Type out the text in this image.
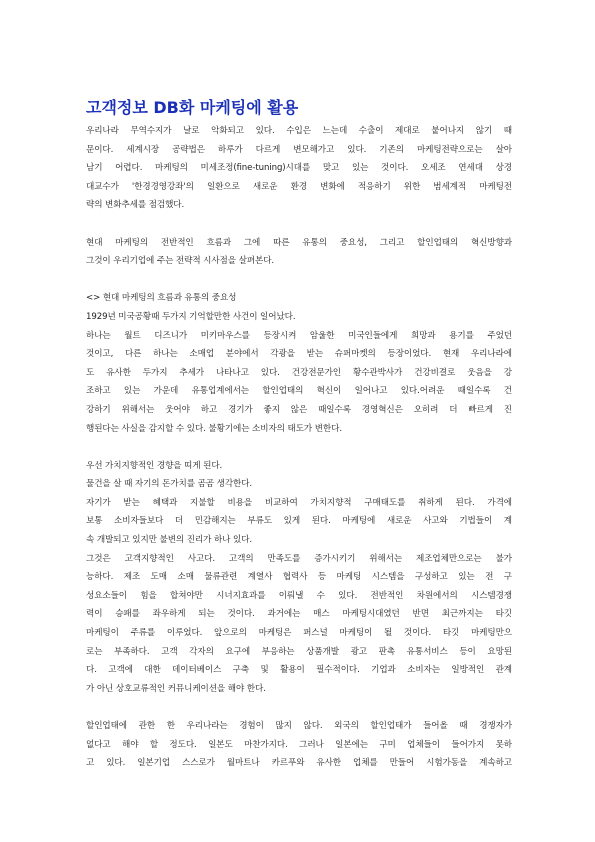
고객정보 DB화 마케팅에 활용
우리나라 무역수지가 날로 악화되고 있다. 수입은 느는데 수출이 제대로 붙어나지 않기 때
문이다. 세계시장 공략법은 하루가 다르게 변모해가고 있다. 기존의 마케팅전략으로는 살아
남기 어렵다. 마케팅의 미세조정(fine-tuning)시대를 맞고 있는 것이다. 오세조 연세대 상경
대교수가 '한경경영강좌'의 일환으로 새로운 환경 변화에 적응하기 위한 범세계적 마케팅전
략의 변화추세를 점검했다.
현대 마케팅의 전반적인 흐름과 그에 따른 유통의 중요성, 그리고 할인업태의 혁신방향과
그것이 우리기업에 주는 전략적 시사점을 살펴본다.
<> 현대 마케팅의 흐름과 유통의 중요성
1929년 미국공황때 두가지 기억할만한 사건이 일어났다.
하나는 월트 디즈니가 미키마우스를 등장시켜 암울한 미국인들에게 희망과 용기를 주었던
것이고, 다른 하나는 소매업 분야에서 각광을 받는 슈퍼마켓의 등장이었다. 현재 우리나라에
도 유사한 두가지 추세가 나타나고 있다. 건강전문가인 황수관박사가 건강비결로 웃음을 강
조하고 있는 가운데 유통업계에서는 할인업태의 혁신이 일어나고 있다.어려운 때일수록 건
강하기 위해서는 웃어야 하고 경기가 좋지 않은 때일수록 경영혁신은 오히려 더 빠르게 진
행된다는 사실을 감지할 수 있다. 불황기에는 소비자의 태도가 변한다.
우선 가치지향적인 경향을 띠게 된다.
물건을 살 때 자기의 돈가치를 곰곰 생각한다.
자기가 받는 혜택과 지불할 비용을 비교하여 가치지향적 구매태도를 취하게 된다. 가격에
보통 소비자들보다 더 민감해지는 부류도 있게 된다. 마케팅에 새로운 사고와 기법들이 계
속 개발되고 있지만 불변의 진리가 하나 있다.
그것은 고객지향적인 사고다. 고객의 만족도를 증가시키기 위해서는 제조업체만으로는 불가
능하다. 제조 도매 소매 물류관련 계열사 협력사 등 마케팅 시스템을 구성하고 있는 전 구
성요소들이 힘을 합쳐야만 시너지효과를 이뤄낼 수 있다. 전반적인 차원에서의 시스템경쟁
력이 승패를 좌우하게 되는 것이다. 과거에는 매스 마케팅시대였던 반면 최근까지는 타깃
마케팅이 주류를 이루었다. 앞으로의 마케팅은 퍼스널 마케팅이 될 것이다. 타깃 마케팅만으
로는 부족하다. 고객 각자의 요구에 부응하는 상품개발 광고 판촉 유통서비스 등이 요망된
다. 고객에 대한 데이터베이스 구축 및 활용이 필수적이다. 기업과 소비자는 일방적인 관계
가 아닌 상호교류적인 커뮤니케이션을 해야 한다.
할인업태에 관한 한 우리나라는 경험이 많지 않다. 외국의 할인업태가 들어올 때 경쟁자가
없다고 해야 할 정도다. 일본도 마찬가지다. 그러나 일본에는 구미 업체들이 들어가지 못하
고 있다. 일본기업 스스로가 월마트나 카르푸와 유사한 업체를 만들어 시험가동을 계속하고
